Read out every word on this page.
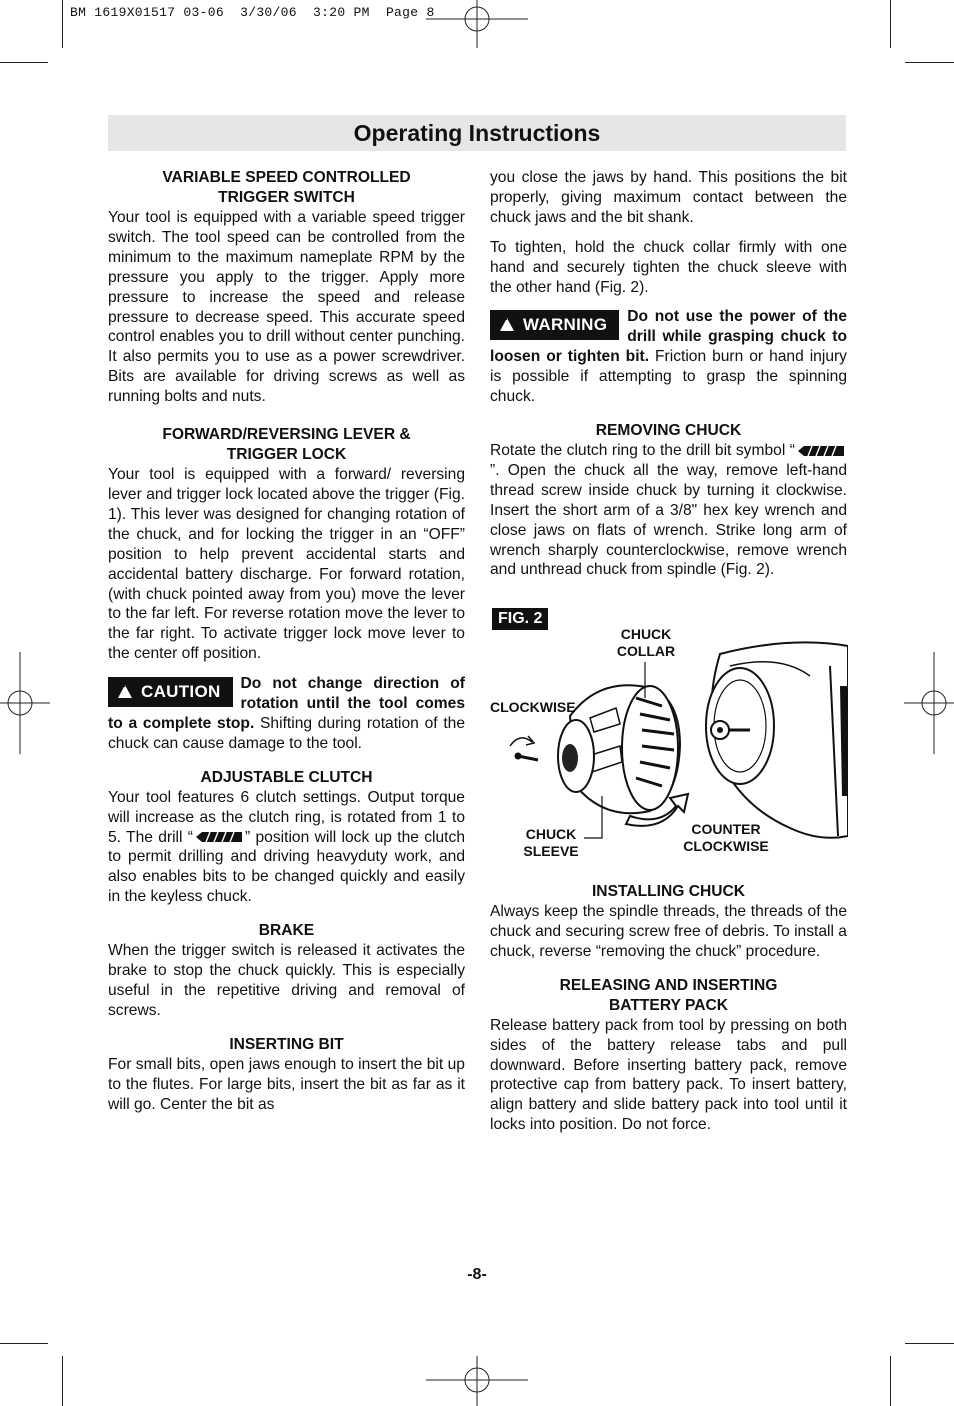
BM 1619X01517 03-06  3/30/06  3:20 PM  Page 8
Operating Instructions
VARIABLE SPEED CONTROLLED
TRIGGER SWITCH

Your tool is equipped with a variable speed trigger switch. The tool speed can be controlled from the minimum to the maximum nameplate RPM by the pressure you apply to the trigger. Apply more pressure to increase the speed and release pressure to decrease speed. This accurate speed control enables you to drill without center punching. It also permits you to use as a power screwdriver. Bits are available for driving screws as well as running bolts and nuts.

FORWARD/REVERSING LEVER &
TRIGGER LOCK

Your tool is equipped with a forward/ reversing lever and trigger lock located above the trigger (Fig. 1). This lever was designed for changing rotation of the chuck, and for locking the trigger in an “OFF” position to help prevent accidental starts and accidental battery discharge. For forward rotation, (with chuck pointed away from you) move the lever to the far left. For reverse rotation move the lever to the far right. To activate trigger lock move lever to the center off position.

! CAUTION	Do not change direction of rotation until the tool comes to a complete stop. Shifting during rotation of the chuck can cause damage to the tool.

ADJUSTABLE CLUTCH

Your tool features 6 clutch settings. Output torque will increase as the clutch ring, is rotated from 1 to 5. The drill “	” position will lock up the clutch to permit drilling and driving heavyduty work, and also enables bits to be changed quickly and easily in the keyless chuck.

BRAKE

When the trigger switch is released it activates the brake to stop the chuck quickly. This is especially useful in the repetitive driving and removal of screws.

INSERTING BIT

For small bits, open jaws enough to insert the bit up to the flutes. For large bits, insert the bit as far as it will go. Center the bit as

you close the jaws by hand. This positions the bit properly, giving maximum contact between the chuck jaws and the bit shank.

To tighten, hold the chuck collar firmly with one hand and securely tighten the chuck sleeve with the other hand (Fig. 2).

! WARNING	Do not use the power of the drill while grasping chuck to loosen or tighten bit. Friction burn or hand injury is possible if attempting to grasp the spinning chuck.

REMOVING CHUCK

Rotate the clutch ring to the drill bit symbol “”. Open the chuck all the way, remove left-hand thread screw inside chuck by turning it clockwise. Insert the short arm of a 3/8" hex key wrench and close jaws on flats of wrench. Strike long arm of wrench sharply counterclockwise, remove wrench and unthread chuck from spindle (Fig. 2).

FIG. 2
CHUCK
COLLAR
CLOCKWISE
CHUCK
SLEEVE
COUNTER
CLOCKWISE
INSTALLING CHUCK

Always keep the spindle threads, the threads of the chuck and securing screw free of debris. To install a chuck, reverse “removing the chuck” procedure.

RELEASING AND INSERTING
BATTERY PACK

Release battery pack from tool by pressing on both sides of the battery release tabs and pull downward. Before inserting battery pack, remove protective cap from battery pack. To insert battery, align battery and slide battery pack into tool until it locks into position. Do not force.

-8-
